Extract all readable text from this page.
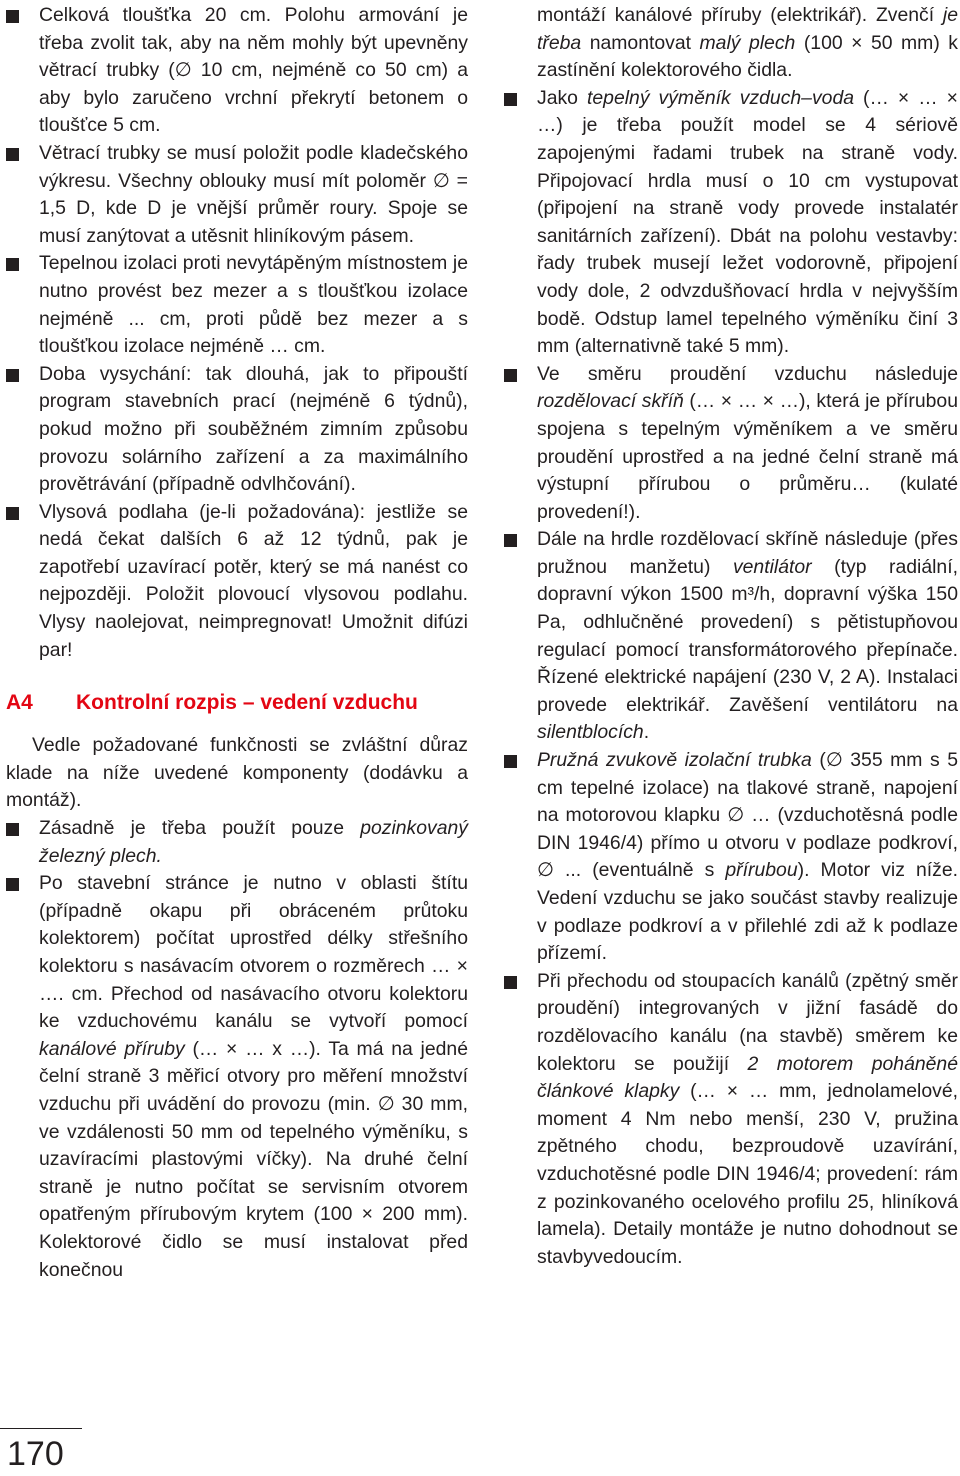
Celková tloušťka 20 cm. Polohu armování je třeba zvolit tak, aby na něm mohly být upevněny větrací trubky (∅ 10 cm, nejméně co 50 cm) a aby bylo zaručeno vrchní překrytí betonem o tloušťce 5 cm.
Větrací trubky se musí položit podle kladečského výkresu. Všechny oblouky musí mít poloměr ∅ = 1,5 D, kde D je vnější průměr roury. Spoje se musí zanýtovat a utěsnit hliníkovým pásem.
Tepelnou izolaci proti nevytápěným místnostem je nutno provést bez mezer a s tloušťkou izolace nejméně ... cm, proti půdě bez mezer a s tloušťkou izolace nejméně … cm.
Doba vysychání: tak dlouhá, jak to připouští program stavebních prací (nejméně 6 týdnů), pokud možno při souběžném zimním způsobu provozu solárního zařízení a za maximálního provětrávání (případně odvlhčování).
Vlysová podlaha (je-li požadována): jestliže se nedá čekat dalších 6 až 12 týdnů, pak je zapotřebí uzavírací potěr, který se má nanést co nejpozději. Položit plovoucí vlysovou podlahu. Vlysy naolejovat, neimpregnovat! Umožnit difúzi par!
A4	Kontrolní rozpis – vedení vzduchu
Vedle požadované funkčnosti se zvláštní důraz klade na níže uvedené komponenty (dodávku a montáž).
Zásadně je třeba použít pouze pozinkovaný železný plech.
Po stavební stránce je nutno v oblasti štítu (případně okapu při obráceném průtoku kolektorem) počítat uprostřed délky střešního kolektoru s nasávacím otvorem o rozměrech … × …. cm. Přechod od nasávacího otvoru kolektoru ke vzduchovému kanálu se vytvoří pomocí kanálové příruby (… × … x …). Ta má na jedné čelní straně 3 měřicí otvory pro měření množství vzduchu při uvádění do provozu (min. ∅ 30 mm, ve vzdálenosti 50 mm od tepelného výměníku, s uzavíracími plastovými víčky). Na druhé čelní straně je nutno počítat se servisním otvorem opatřeným přírubovým krytem (100 × 200 mm). Kolektorové čidlo se musí instalovat před konečnou
montáží kanálové příruby (elektrikář). Zvenčí je třeba namontovat malý plech (100 × 50 mm) k zastínění kolektorového čidla.
Jako tepelný výměník vzduch–voda (… × … × …) je třeba použít model se 4 sériově zapojenými řadami trubek na straně vody. Připojovací hrdla musí o 10 cm vystupovat (připojení na straně vody provede instalatér sanitárních zařízení). Dbát na polohu vestavby: řady trubek musejí ležet vodorovně, připojení vody dole, 2 odvzdušňovací hrdla v nejvyšším bodě. Odstup lamel tepelného výměníku činí 3 mm (alternativně také 5 mm).
Ve směru proudění vzduchu následuje rozdělovací skříň (… × … × …), která je přírubou spojena s tepelným výměníkem a ve směru proudění uprostřed a na jedné čelní straně má výstupní přírubou o průměru… (kulaté provedení!).
Dále na hrdle rozdělovací skříně následuje (přes pružnou manžetu) ventilátor (typ radiální, dopravní výkon 1500 m³/h, dopravní výška 150 Pa, odhlučněné provedení) s pětistupňovou regulací pomocí transformátorového přepínače. Řízené elektrické napájení (230 V, 2 A). Instalaci provede elektrikář. Zavěšení ventilátoru na silentblocích.
Pružná zvukově izolační trubka (∅ 355 mm s 5 cm tepelné izolace) na tlakové straně, napojení na motorovou klapku ∅ … (vzduchotěsná podle DIN 1946/4) přímo u otvoru v podlaze podkroví, ∅ ... (eventuálně s přírubou). Motor viz níže. Vedení vzduchu se jako součást stavby realizuje v podlaze podkroví a v přilehlé zdi až k podlaze přízemí.
Při přechodu od stoupacích kanálů (zpětný směr proudění) integrovaných v jižní fasádě do rozdělovacího kanálu (na stavbě) směrem ke kolektoru se použijí 2 motorem poháněné článkové klapky (… × … mm, jednolamelové, moment 4 Nm nebo menší, 230 V, pružina zpětného chodu, bezproudově uzavírání, vzduchotěsné podle DIN 1946/4; provedení: rám z pozinkovaného ocelového profilu 25, hliníková lamela). Detaily montáže je nutno dohodnout se stavbyvedoucím.
170
